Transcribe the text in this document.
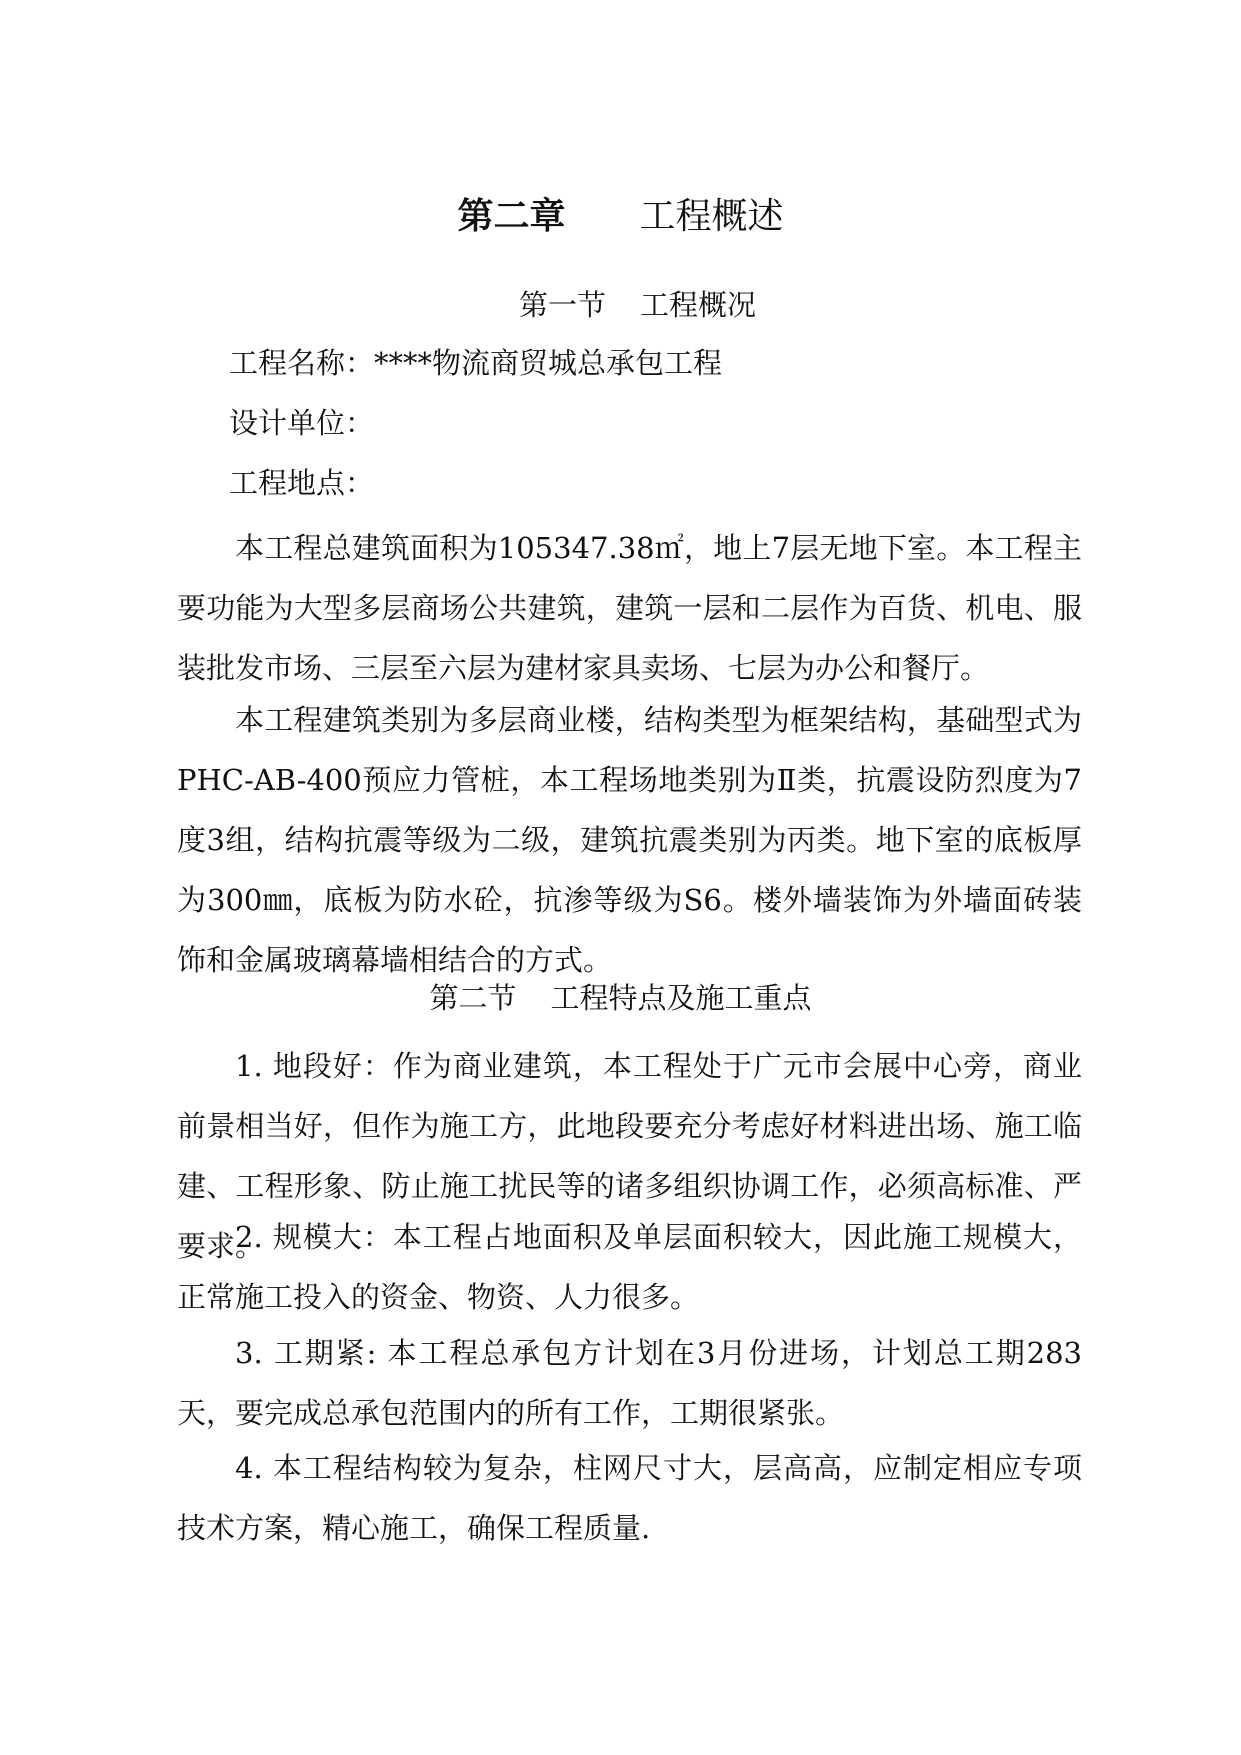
第二章 工程概述
第一节 工程概况
工程名称：****物流商贸城总承包工程
设计单位：
工程地点：

本工程总建筑面积为105347.38㎡，地上7层无地下室。本工程主要功能为大型多层商场公共建筑，建筑一层和二层作为百货、机电、服装批发市场、三层至六层为建材家具卖场、七层为办公和餐厅。

本工程建筑类别为多层商业楼，结构类型为框架结构，基础型式为PHC-AB-400预应力管桩，本工程场地类别为Ⅱ类，抗震设防烈度为7度3组，结构抗震等级为二级，建筑抗震类别为丙类。地下室的底板厚为300㎜，底板为防水砼，抗渗等级为S6。楼外墙装饰为外墙面砖装饰和金属玻璃幕墙相结合的方式。

第二节 工程特点及施工重点

1. 地段好：作为商业建筑，本工程处于广元市会展中心旁，商业前景相当好，但作为施工方，此地段要充分考虑好材料进出场、施工临建、工程形象、防止施工扰民等的诸多组织协调工作，必须高标准、严要求。

2. 规模大：本工程占地面积及单层面积较大，因此施工规模大，正常施工投入的资金、物资、人力很多。

3. 工期紧: 本工程总承包方计划在3月份进场，计划总工期283天，要完成总承包范围内的所有工作，工期很紧张。

4. 本工程结构较为复杂，柱网尺寸大，层高高，应制定相应专项技术方案，精心施工，确保工程质量.
